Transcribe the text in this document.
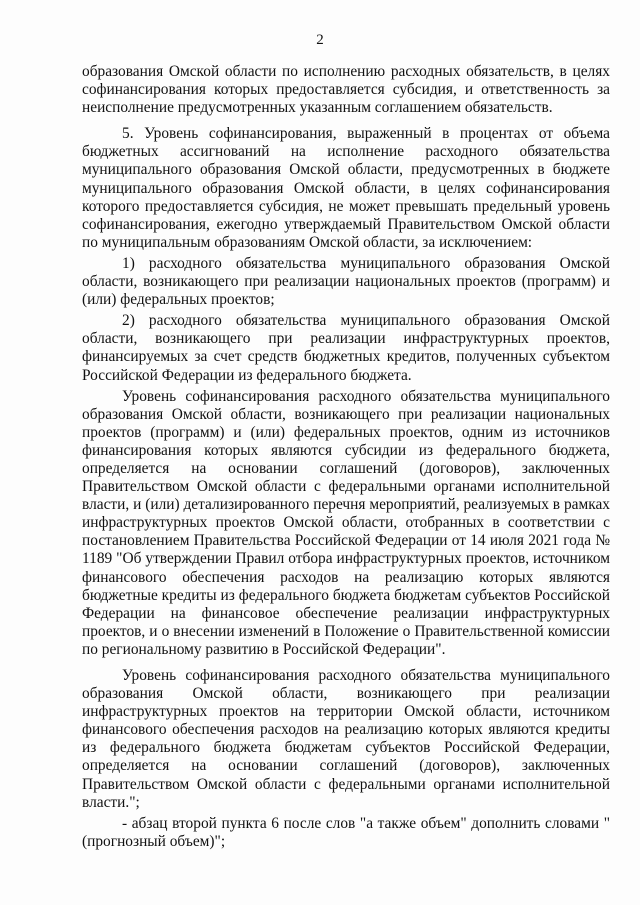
2

образования Омской области по исполнению расходных обязательств, в целях софинансирования которых предоставляется субсидия, и ответственность за неисполнение предусмотренных указанным соглашением обязательств.

5. Уровень софинансирования, выраженный в процентах от объема бюджетных ассигнований на исполнение расходного обязательства муниципального образования Омской области, предусмотренных в бюджете муниципального образования Омской области, в целях софинансирования которого предоставляется субсидия, не может превышать предельный уровень софинансирования, ежегодно утверждаемый Правительством Омской области по муниципальным образованиям Омской области, за исключением:

1) расходного обязательства муниципального образования Омской области, возникающего при реализации национальных проектов (программ) и (или) федеральных проектов;

2) расходного обязательства муниципального образования Омской области, возникающего при реализации инфраструктурных проектов, финансируемых за счет средств бюджетных кредитов, полученных субъектом Российской Федерации из федерального бюджета.

Уровень софинансирования расходного обязательства муниципального образования Омской области, возникающего при реализации национальных проектов (программ) и (или) федеральных проектов, одним из источников финансирования которых являются субсидии из федерального бюджета, определяется на основании соглашений (договоров), заключенных Правительством Омской области с федеральными органами исполнительной власти, и (или) детализированного перечня мероприятий, реализуемых в рамках инфраструктурных проектов Омской области, отобранных в соответствии с постановлением Правительства Российской Федерации от 14 июля 2021 года № 1189 "Об утверждении Правил отбора инфраструктурных проектов, источником финансового обеспечения расходов на реализацию которых являются бюджетные кредиты из федерального бюджета бюджетам субъектов Российской Федерации на финансовое обеспечение реализации инфраструктурных проектов, и о внесении изменений в Положение о Правительственной комиссии по региональному развитию в Российской Федерации".

Уровень софинансирования расходного обязательства муниципального образования Омской области, возникающего при реализации инфраструктурных проектов на территории Омской области, источником финансового обеспечения расходов на реализацию которых являются кредиты из федерального бюджета бюджетам субъектов Российской Федерации, определяется на основании соглашений (договоров), заключенных Правительством Омской области с федеральными органами исполнительной власти.";

- абзац второй пункта 6 после слов "а также объем" дополнить словами "(прогнозный объем)";
